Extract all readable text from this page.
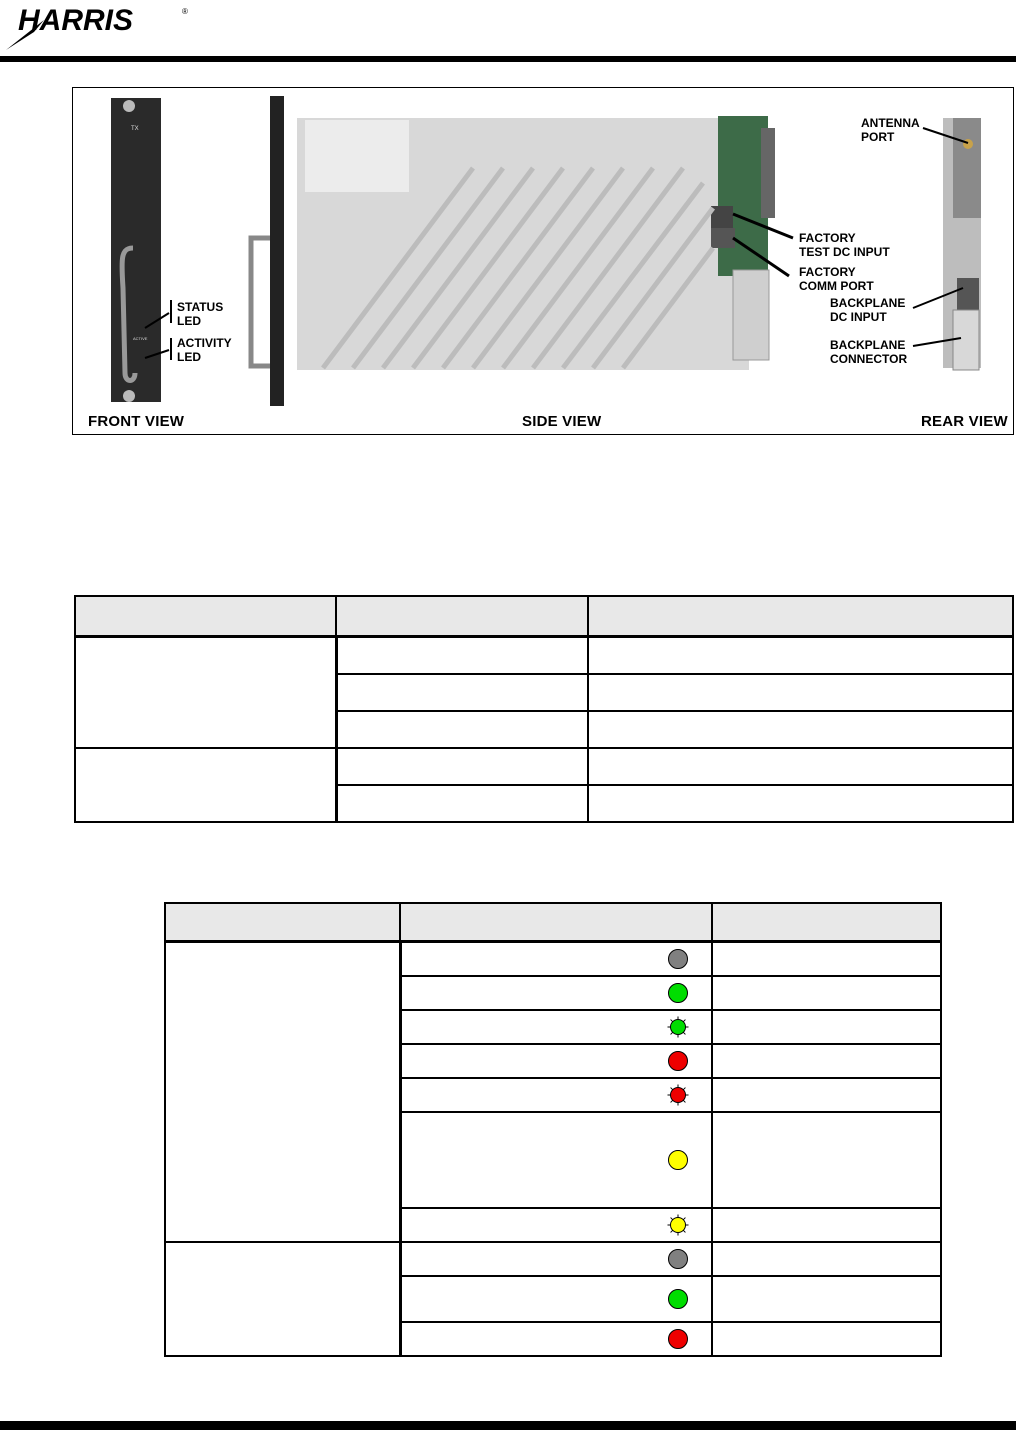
HARRIS	®
TX
ACTIVE
STATUS
LED
ACTIVITY
LED
ANTENNA
PORT
FACTORY
TEST DC INPUT
FACTORY
COMM PORT
BACKPLANE
DC INPUT
BACKPLANE
CONNECTOR
FRONT VIEW	SIDE VIEW	REAR VIEW
